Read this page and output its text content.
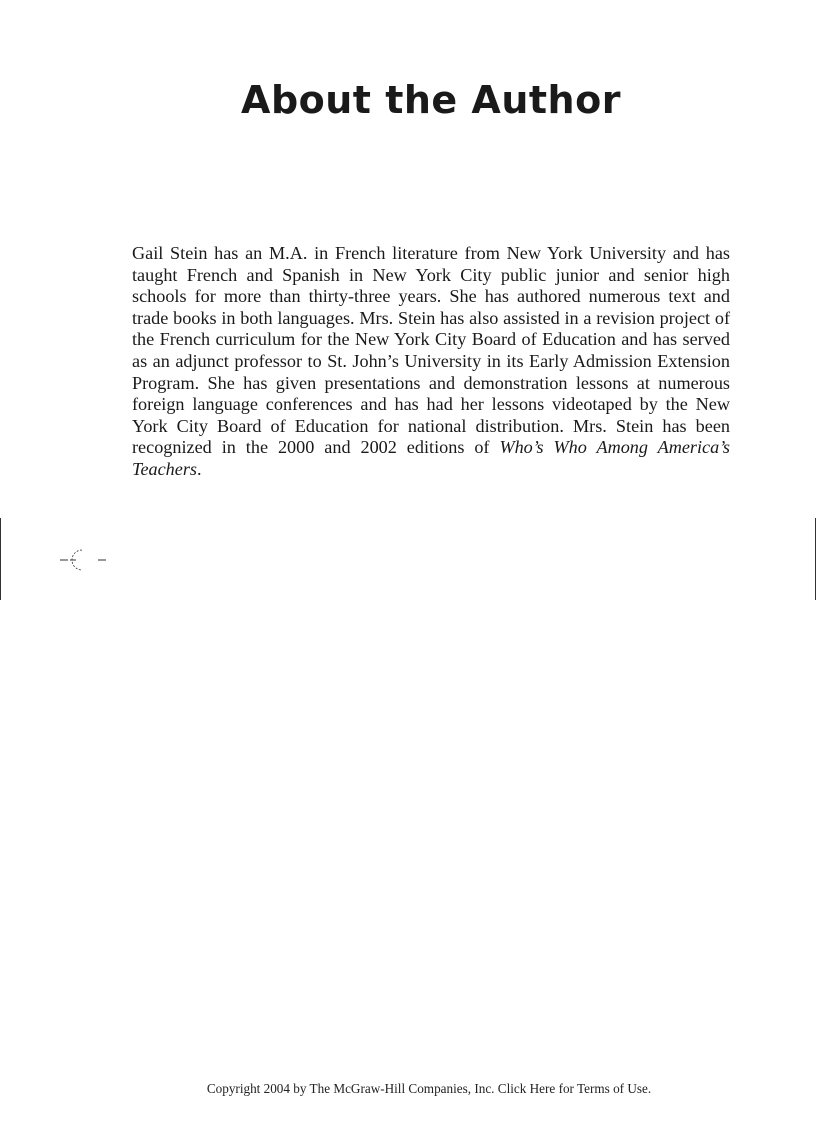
About the Author

Gail Stein has an M.A. in French literature from New York University and has taught French and Spanish in New York City public junior and senior high schools for more than thirty-three years. She has authored numerous text and trade books in both languages. Mrs. Stein has also assisted in a revision project of the French curriculum for the New York City Board of Education and has served as an adjunct professor to St. John’s University in its Early Admission Extension Program. She has given presentations and demonstration lessons at numerous foreign language conferences and has had her lessons videotaped by the New York City Board of Education for national distribution. Mrs. Stein has been recognized in the 2000 and 2002 editions of Who’s Who Among America’s Teachers.

Copyright 2004 by The McGraw-Hill Companies, Inc. Click Here for Terms of Use.
